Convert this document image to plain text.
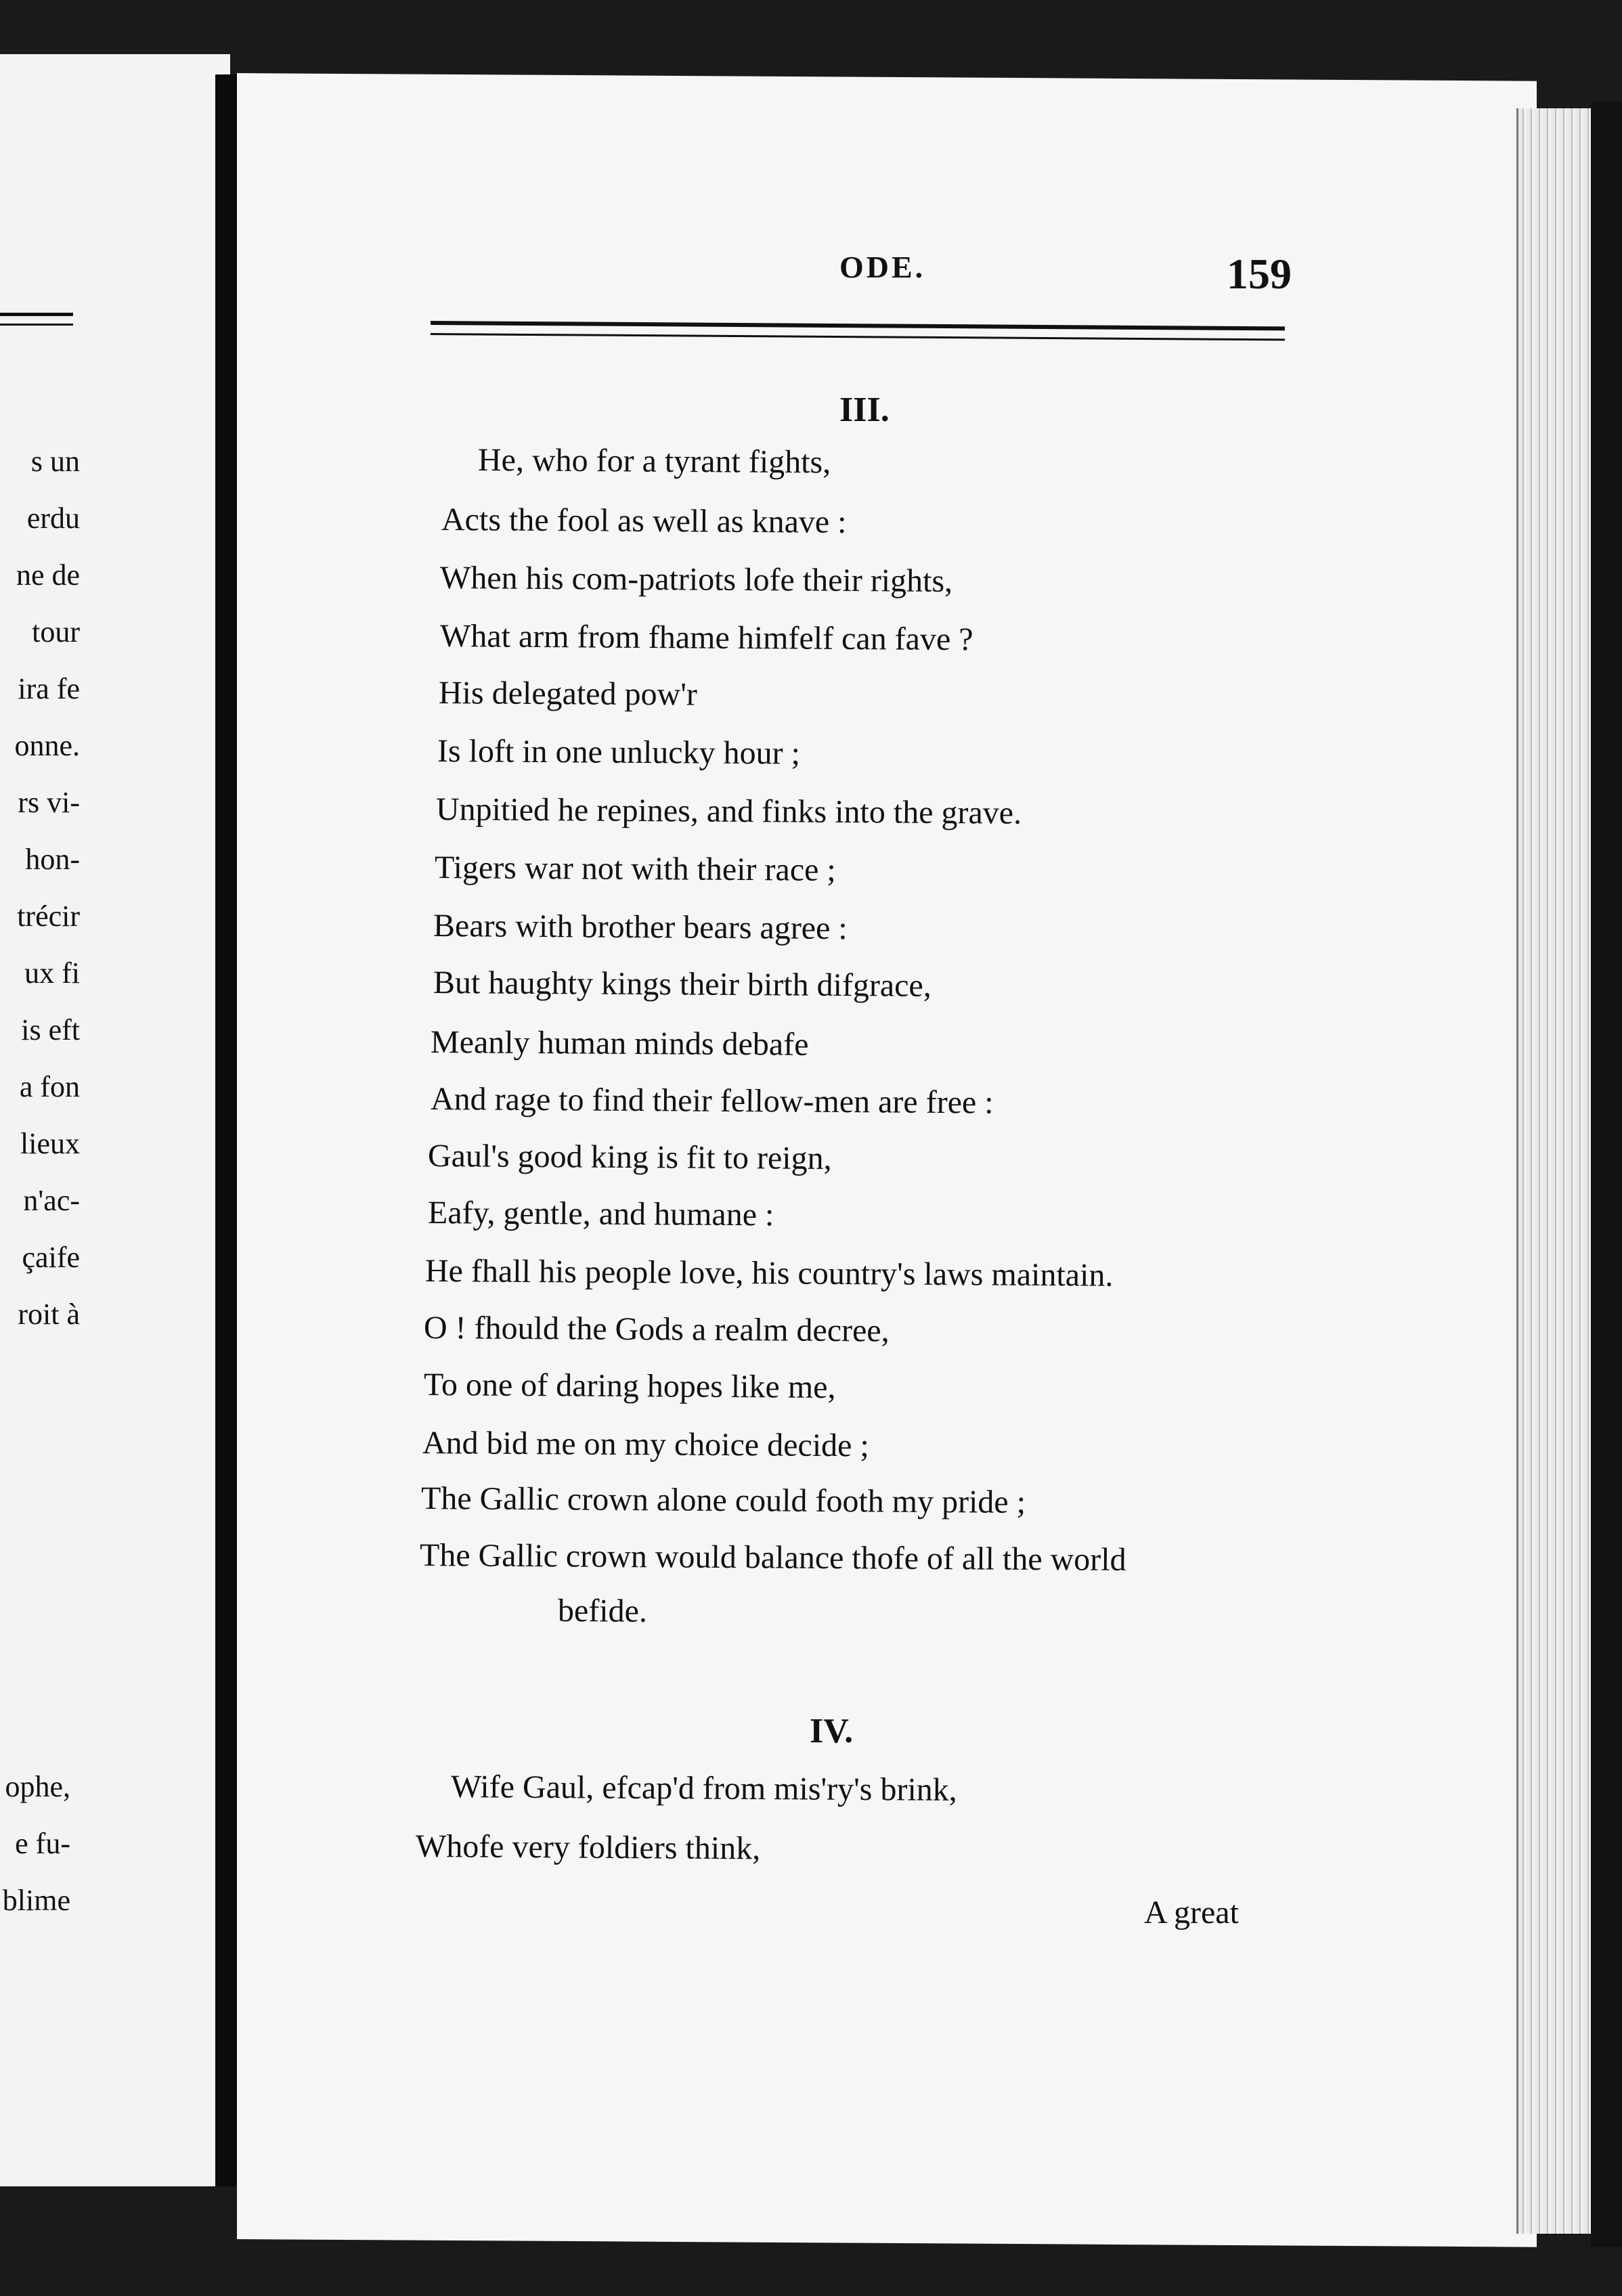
s un
erdu
ne de
tour
ira fe
onne.
rs vi-
hon-
trécir
ux fi
is eft
a fon
lieux
n'ac-
çaife
roit à
ophe,
e fu-
blime
ODE.	159
III.
He, who for a tyrant fights,
Acts the fool as well as knave :
When his com-patriots lofe their rights,
What arm from fhame himfelf can fave ?
His delegated pow'r
Is loft in one unlucky hour ;
Unpitied he repines, and finks into the grave.
Tigers war not with their race ;
Bears with brother bears agree :
But haughty kings their birth difgrace,
Meanly human minds debafe
And rage to find their fellow-men are free :
Gaul's good king is fit to reign,
Eafy, gentle, and humane :
He fhall his people love, his country's laws maintain.
O ! fhould the Gods a realm decree,
To one of daring hopes like me,
And bid me on my choice decide ;
The Gallic crown alone could footh my pride ;
The Gallic crown would balance thofe of all the world
befide.
IV.
Wife Gaul, efcap'd from mis'ry's brink,
Whofe very foldiers think,
A great
